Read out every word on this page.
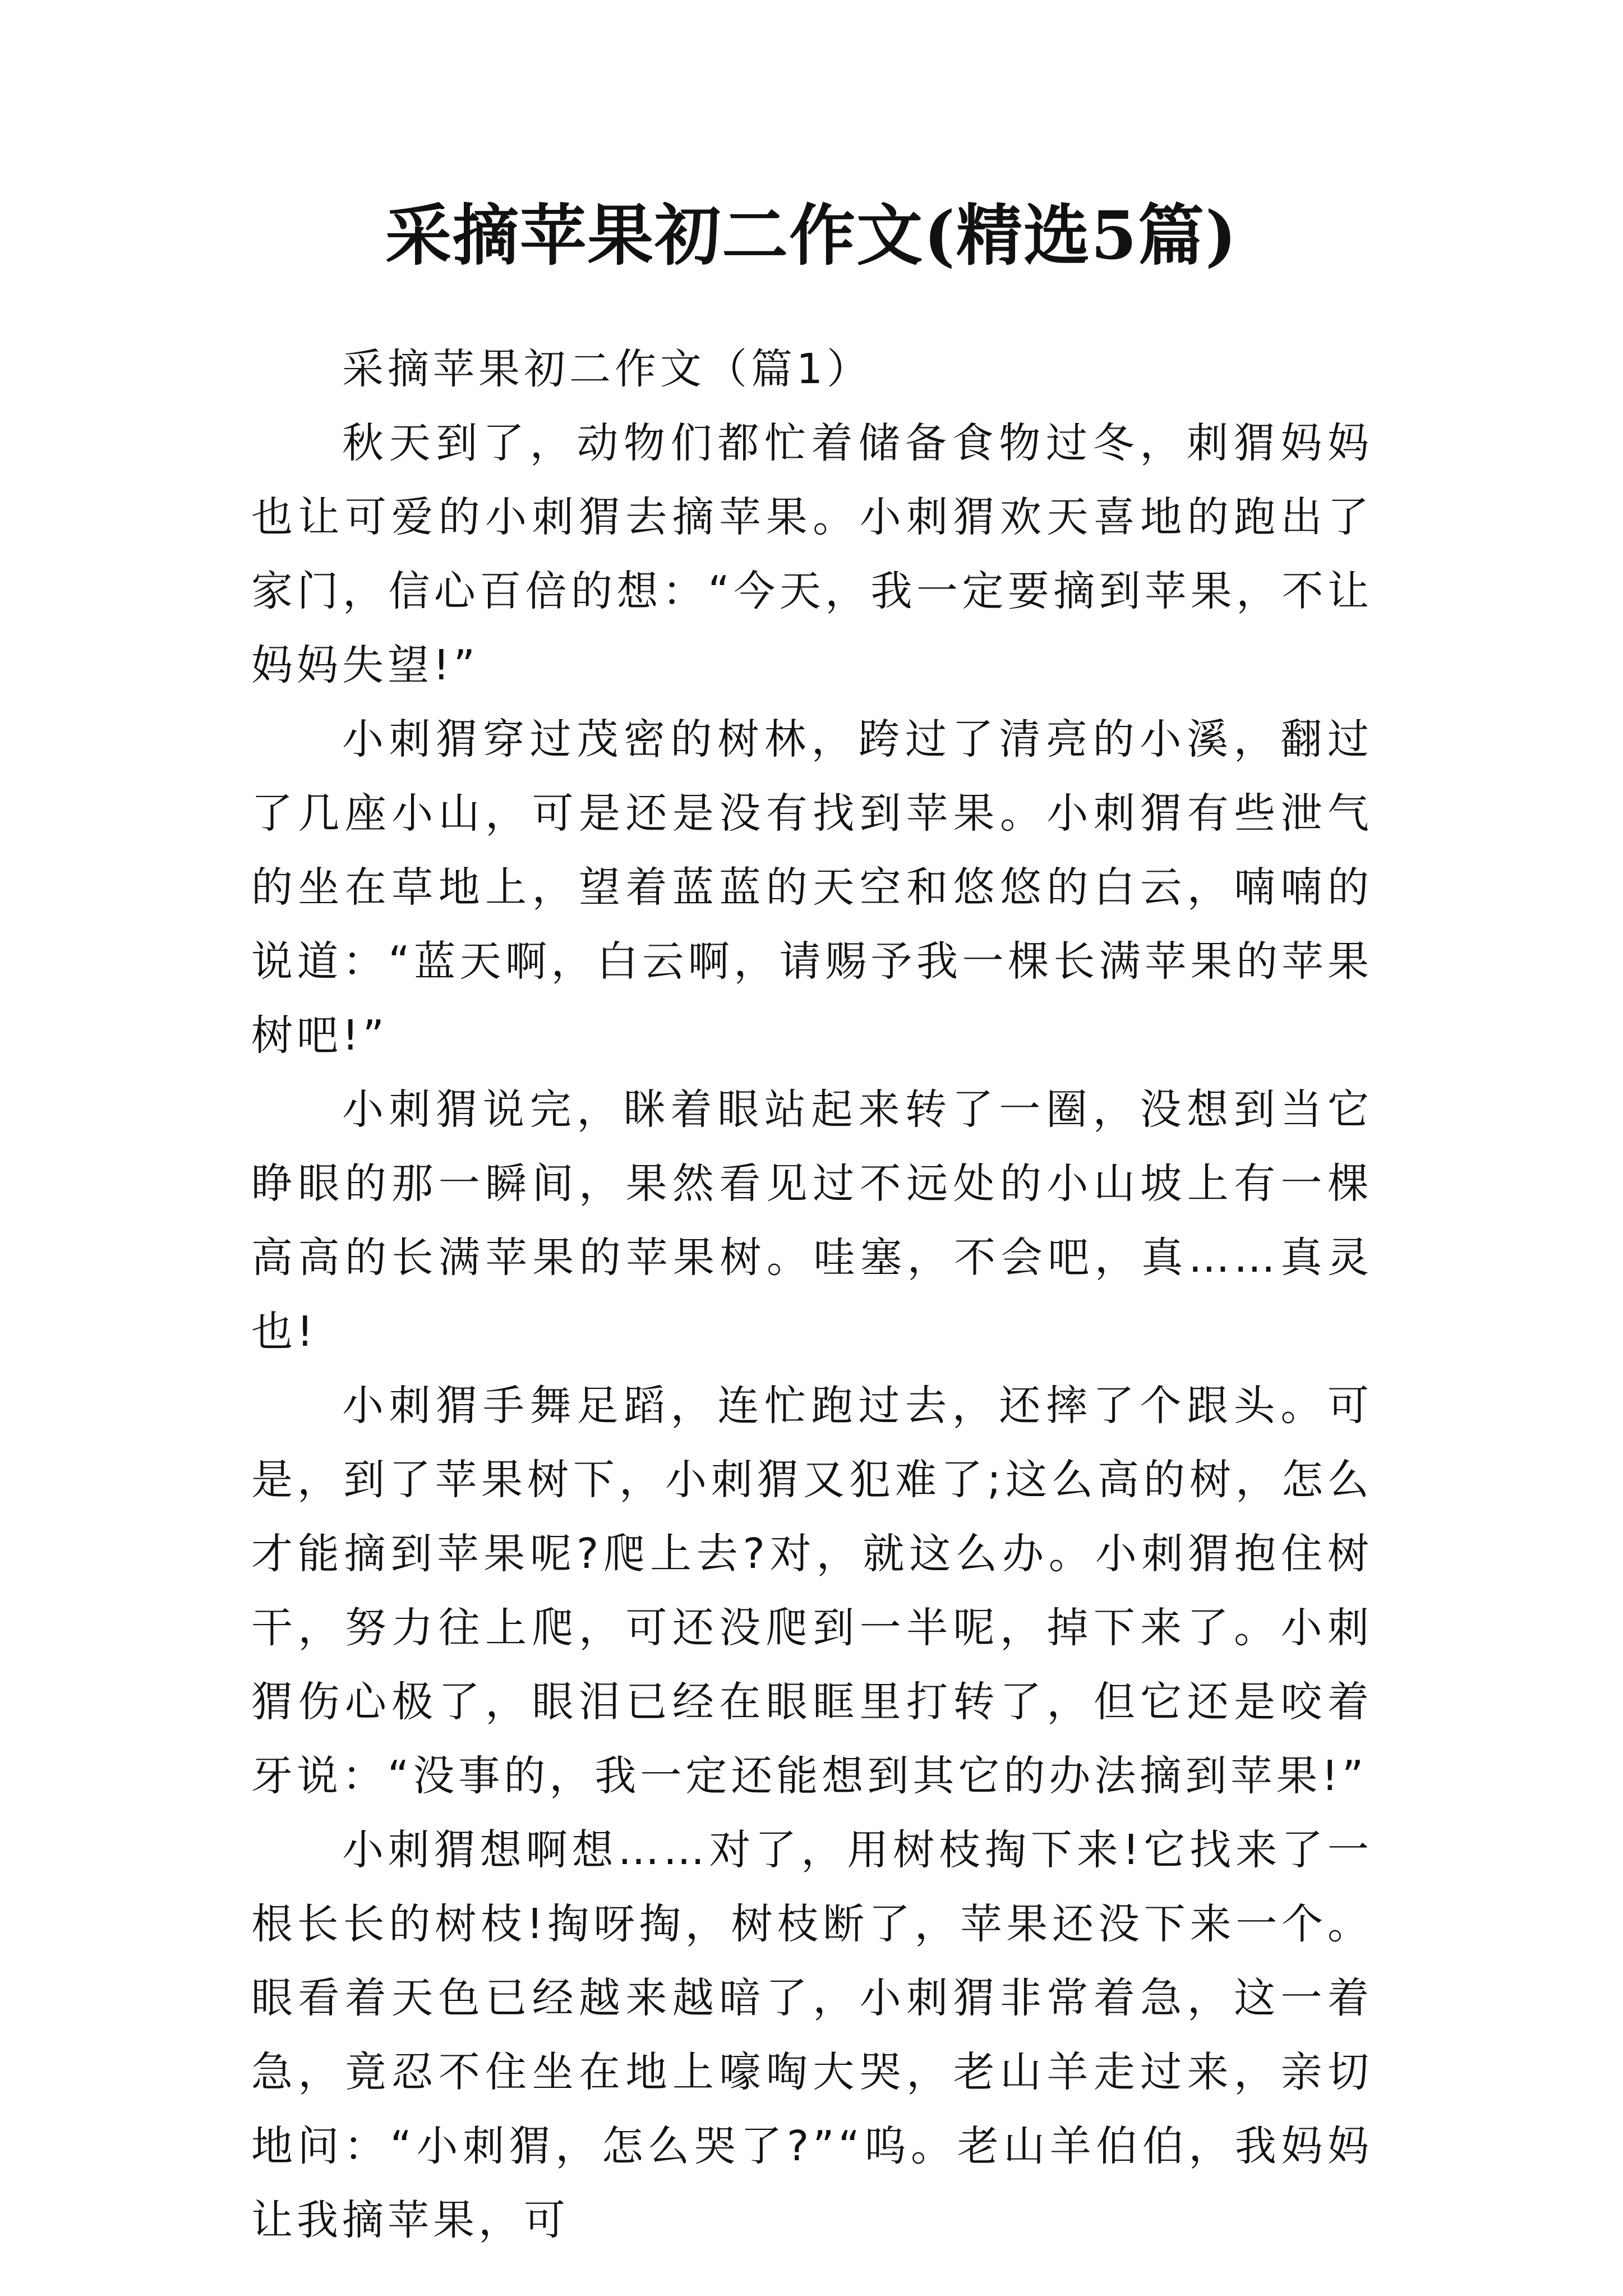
采摘苹果初二作文(精选5篇)

采摘苹果初二作文（篇1）

秋天到了，动物们都忙着储备食物过冬，刺猬妈妈也让可爱的小刺猬去摘苹果。小刺猬欢天喜地的跑出了家门，信心百倍的想：“今天，我一定要摘到苹果，不让妈妈失望!”

小刺猬穿过茂密的树林，跨过了清亮的小溪，翻过了几座小山，可是还是没有找到苹果。小刺猬有些泄气的坐在草地上，望着蓝蓝的天空和悠悠的白云，喃喃的说道：“蓝天啊，白云啊，请赐予我一棵长满苹果的苹果树吧!”

小刺猬说完，眯着眼站起来转了一圈，没想到当它睁眼的那一瞬间，果然看见过不远处的小山坡上有一棵高高的长满苹果的苹果树。哇塞，不会吧，真……真灵也!

小刺猬手舞足蹈，连忙跑过去，还摔了个跟头。可是，到了苹果树下，小刺猬又犯难了;这么高的树，怎么才能摘到苹果呢?爬上去?对，就这么办。小刺猬抱住树干，努力往上爬，可还没爬到一半呢，掉下来了。小刺猬伤心极了，眼泪已经在眼眶里打转了，但它还是咬着牙说：“没事的，我一定还能想到其它的办法摘到苹果!”

小刺猬想啊想……对了，用树枝掏下来!它找来了一根长长的树枝!掏呀掏，树枝断了，苹果还没下来一个。眼看着天色已经越来越暗了，小刺猬非常着急，这一着急，竟忍不住坐在地上嚎啕大哭，老山羊走过来，亲切地问：“小刺猬，怎么哭了?”“呜。老山羊伯伯，我妈妈让我摘苹果，可
